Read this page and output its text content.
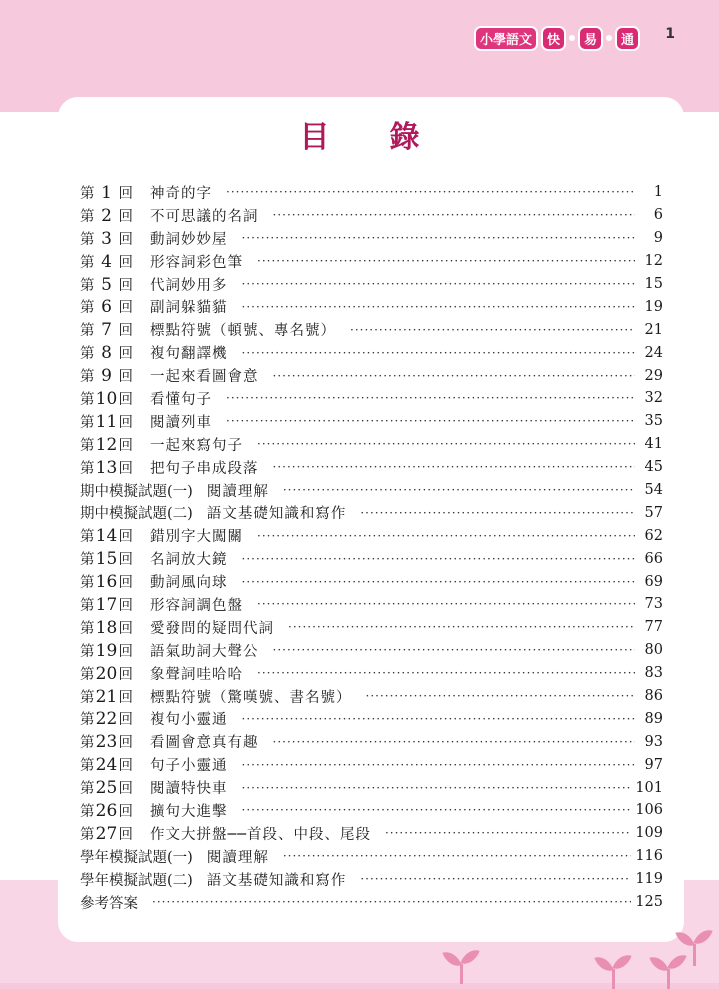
小學語文	快	易	通	1
目錄
第 1 回	神奇的字 ·····	1
第 2 回	不可思議的名詞 ·····	6
第 3 回	動詞妙妙屋 ·····	9
第 4 回	形容詞彩色筆 ·····	12
第 5 回	代詞妙用多 ·····	15
第 6 回	副詞躲貓貓 ·····	19
第 7 回	標點符號（頓號、專名號） ·····	21
第 8 回	複句翻譯機 ·····	24
第 9 回	一起來看圖會意 ·····	29
第10回	看懂句子 ·····	32
第11回	閱讀列車 ·····	35
第12回	一起來寫句子 ·····	41
第13回	把句子串成段落 ·····	45
期中模擬試題(一) 閱讀理解 ·····	54
期中模擬試題(二) 語文基礎知識和寫作 ·····	57
第14回	錯別字大闖關 ·····	62
第15回	名詞放大鏡 ·····	66
第16回	動詞風向球 ·····	69
第17回	形容詞調色盤 ·····	73
第18回	愛發問的疑問代詞 ·····	77
第19回	語氣助詞大聲公 ·····	80
第20回	象聲詞哇哈哈 ·····	83
第21回	標點符號（驚嘆號、書名號） ·····	86
第22回	複句小靈通 ·····	89
第23回	看圖會意真有趣 ·····	93
第24回	句子小靈通 ·····	97
第25回	閱讀特快車 ·····	101
第26回	擴句大進擊 ·····	106
第27回	作文大拼盤──首段、中段、尾段 ·····	109
學年模擬試題(一) 閱讀理解 ·····	116
學年模擬試題(二) 語文基礎知識和寫作 ·····	119
參考答案 ·····	125
